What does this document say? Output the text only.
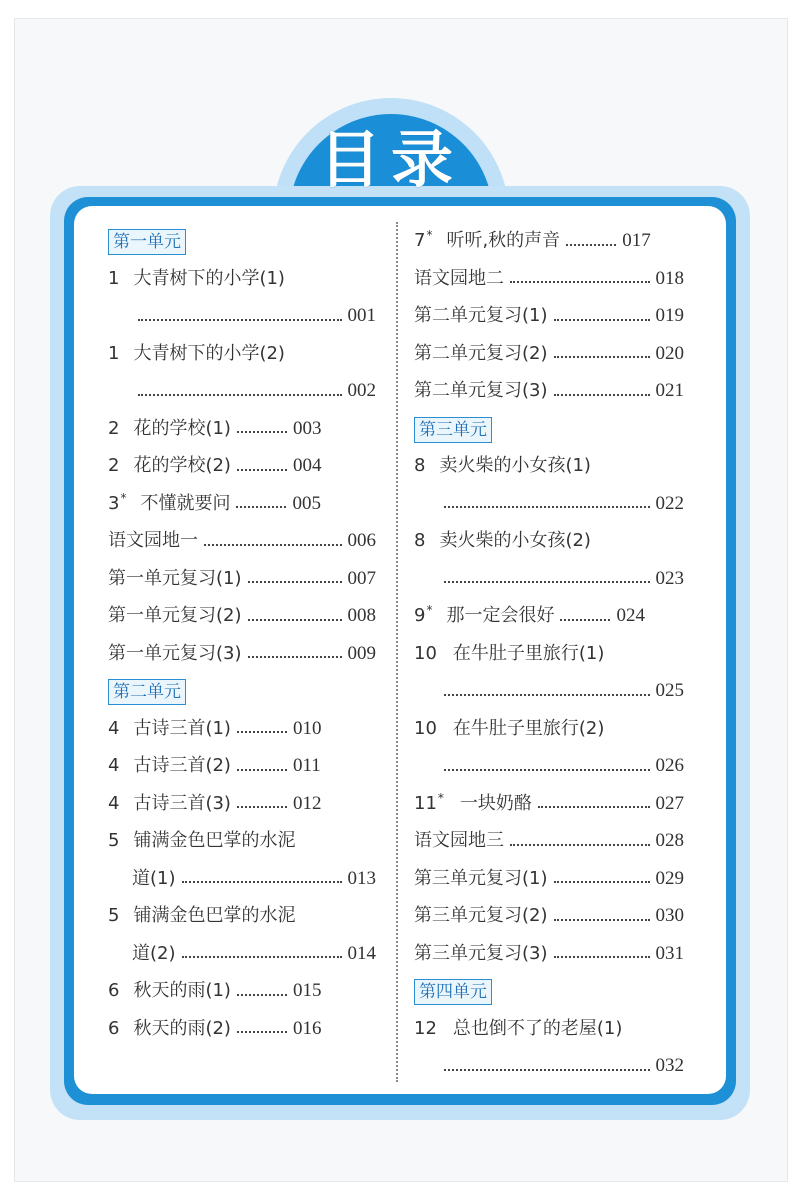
目录
第一单元
1 大青树下的小学(1)
001
1 大青树下的小学(2)
002
2 花的学校(1)	003
2 花的学校(2)	004
3* 不懂就要问	005
语文园地一	006
第一单元复习(1)	007
第一单元复习(2)	008
第一单元复习(3)	009
第二单元
4 古诗三首(1)	010
4 古诗三首(2)	011
4 古诗三首(3)	012
5 铺满金色巴掌的水泥
道(1)	013
5 铺满金色巴掌的水泥
道(2)	014
6 秋天的雨(1)	015
6 秋天的雨(2)	016
7* 听听,秋的声音	017
语文园地二	018
第二单元复习(1)	019
第二单元复习(2)	020
第二单元复习(3)	021
第三单元
8 卖火柴的小女孩(1)
022
8 卖火柴的小女孩(2)
023
9* 那一定会很好	024
10 在牛肚子里旅行(1)
025
10 在牛肚子里旅行(2)
026
11* 一块奶酪	027
语文园地三	028
第三单元复习(1)	029
第三单元复习(2)	030
第三单元复习(3)	031
第四单元
12 总也倒不了的老屋(1)
032
